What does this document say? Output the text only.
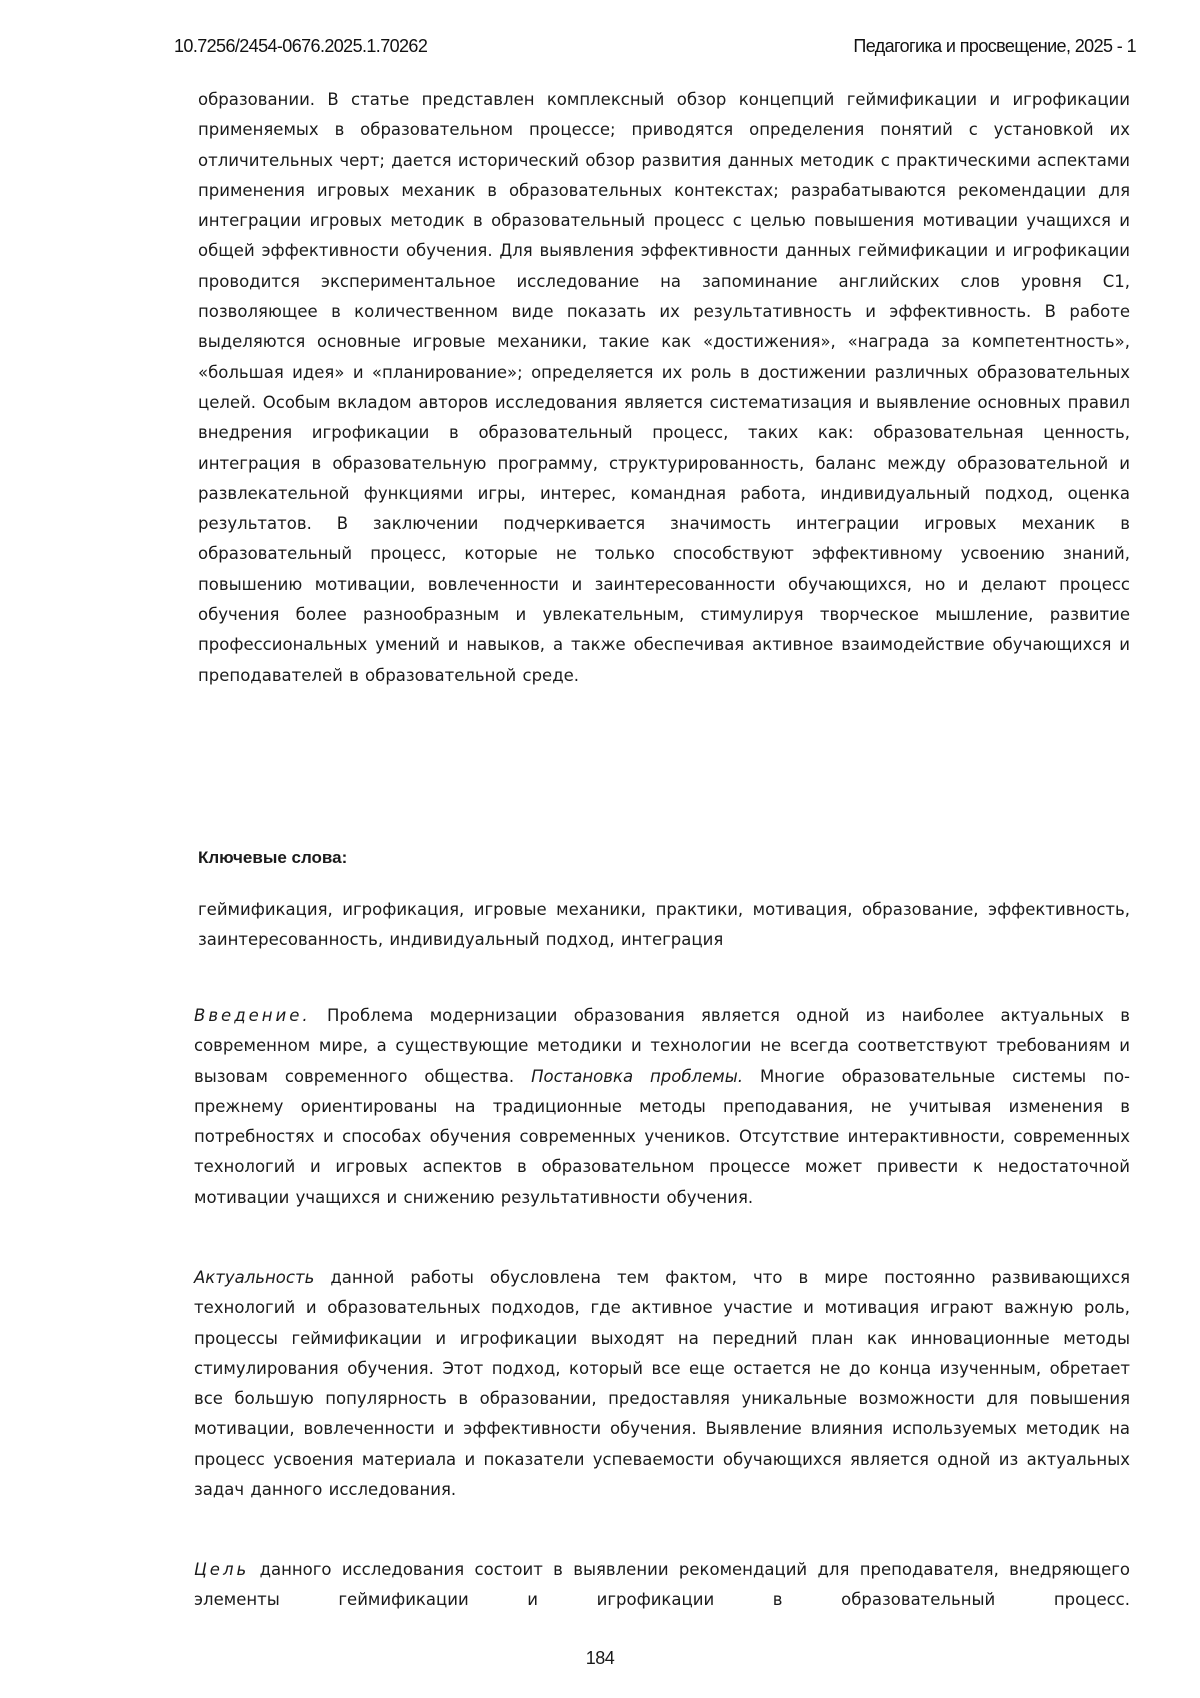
10.7256/2454-0676.2025.1.70262	Педагогика и просвещение, 2025 - 1
образовании. В статье представлен комплексный обзор концепций геймификации и игрофикации применяемых в образовательном процессе; приводятся определения понятий с установкой их отличительных черт; дается исторический обзор развития данных методик с практическими аспектами применения игровых механик в образовательных контекстах; разрабатываются рекомендации для интеграции игровых методик в образовательный процесс с целью повышения мотивации учащихся и общей эффективности обучения. Для выявления эффективности данных геймификации и игрофикации проводится экспериментальное исследование на запоминание английских слов уровня С1, позволяющее в количественном виде показать их результативность и эффективность. В работе выделяются основные игровые механики, такие как «достижения», «награда за компетентность», «большая идея» и «планирование»; определяется их роль в достижении различных образовательных целей. Особым вкладом авторов исследования является систематизация и выявление основных правил внедрения игрофикации в образовательный процесс, таких как: образовательная ценность, интеграция в образовательную программу, структурированность, баланс между образовательной и развлекательной функциями игры, интерес, командная работа, индивидуальный подход, оценка результатов. В заключении подчеркивается значимость интеграции игровых механик в образовательный процесс, которые не только способствуют эффективному усвоению знаний, повышению мотивации, вовлеченности и заинтересованности обучающихся, но и делают процесс обучения более разнообразным и увлекательным, стимулируя творческое мышление, развитие профессиональных умений и навыков, а также обеспечивая активное взаимодействие обучающихся и преподавателей в образовательной среде.
Ключевые слова:
геймификация, игрофикация, игровые механики, практики, мотивация, образование, эффективность, заинтересованность, индивидуальный подход, интеграция
Введение. Проблема модернизации образования является одной из наиболее актуальных в современном мире, а существующие методики и технологии не всегда соответствуют требованиям и вызовам современного общества. Постановка проблемы. Многие образовательные системы по-прежнему ориентированы на традиционные методы преподавания, не учитывая изменения в потребностях и способах обучения современных учеников. Отсутствие интерактивности, современных технологий и игровых аспектов в образовательном процессе может привести к недостаточной мотивации учащихся и снижению результативности обучения.
Актуальность данной работы обусловлена тем фактом, что в мире постоянно развивающихся технологий и образовательных подходов, где активное участие и мотивация играют важную роль, процессы геймификации и игрофикации выходят на передний план как инновационные методы стимулирования обучения. Этот подход, который все еще остается не до конца изученным, обретает все большую популярность в образовании, предоставляя уникальные возможности для повышения мотивации, вовлеченности и эффективности обучения. Выявление влияния используемых методик на процесс усвоения материала и показатели успеваемости обучающихся является одной из актуальных задач данного исследования.
Цель данного исследования состоит в выявлении рекомендаций для преподавателя, внедряющего элементы геймификации и игрофикации в образовательный процесс.
184
